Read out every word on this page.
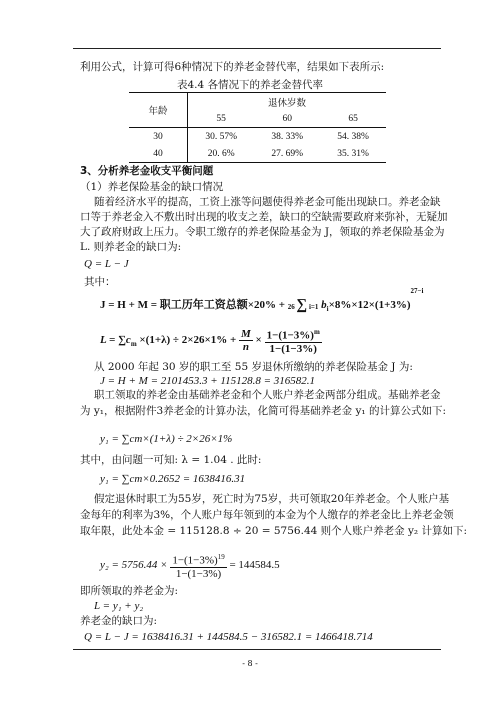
利用公式，计算可得6种情况下的养老金替代率，结果如下表所示:
表4.4 各情况下的养老金替代率
年龄	退休岁数		
	55	60	65
30	30. 57%	38. 33%	54. 38%
40	20. 6%	27. 69%	35. 31%
3、分析养老金收支平衡问题
（1）养老保险基金的缺口情况
随着经济水平的提高，工资上涨等问题使得养老金可能出现缺口。养老金缺
口等于养老金入不敷出时出现的收支之差，缺口的空缺需要政府来弥补，无疑加
大了政府财政上压力。令职工缴存的养老保险基金为 J，领取的养老保险基金为
L. 则养老金的缺口为:
Q = L − J
其中：
J = H + M = 职工历年工资总额×20% + 26 ∑ i=1 $b_i\times 8\%\times 12\times(1+3\%)^{27-i}$
$L = \sum c_m \times(1+\lambda) \div 2\times 26\times 1\% + \frac{M}{n} \times \frac{1-(1-3\%)^m}{1-(1-3\%)}$
从 2000 年起 30 岁的职工至 55 岁退休所缴纳的养老保险基金 J 为:
J = H + M = 2101453.3 + 115128.8 = 316582.1
职工领取的养老金由基础养老金和个人账户养老金两部分组成。基础养老金
为 y₁，根据附件3养老金的计算办法，化简可得基础养老金 y₁ 的计算公式如下:
y₁ = ∑cm×(1+λ) ÷ 2×26×1%
其中，由问题一可知: λ = 1.04 . 此时:
y₁ = ∑cm×0.2652 = 1638416.31
假定退休时职工为55岁，死亡时为75岁，共可领取20年养老金。个人账户基
金每年的利率为3%，个人账户每年领到的本金为个人缴存的养老金比上养老金领
取年限，此处本金 = 115128.8 ÷ 20 = 5756.44 则个人账户养老金 y₂ 计算如下:
$y_2 = 5756.44 \times \frac{1-(1-3\%)^{19}}{1-(1-3\%)} = 144584.5$
即所领取的养老金为:
L = y₁ + y₂
养老金的缺口为:
Q = L − J = 1638416.31 + 144584.5 − 316582.1 = 1466418.714
- 8 -
